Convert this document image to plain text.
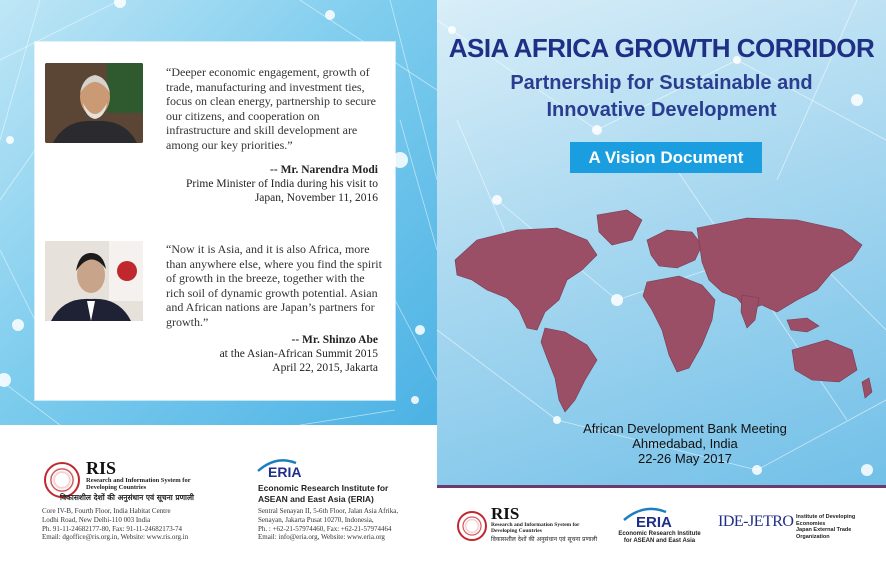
“Deeper economic engagement, growth of trade, manufacturing and investment ties, focus on clean energy, partnership to secure our citizens, and cooperation on infrastructure and skill development are among our key priorities.”
-- Mr. Narendra Modi
Prime Minister of India during his visit to Japan, November 11, 2016
“Now it is Asia, and it is also Africa, more than anywhere else, where you find the spirit of growth in the breeze, together with the rich soil of dynamic growth potential. Asian and African nations are Japan’s partners for growth.”
-- Mr. Shinzo Abe
at the Asian-African Summit 2015
April 22, 2015, Jakarta
ASIA AFRICA GROWTH CORRIDOR
Partnership for Sustainable and
Innovative Development
A Vision Document
African Development Bank Meeting
Ahmedabad, India
22-26 May 2017
RIS
Research and Information System for Developing Countries
विकासशील देशों की अनुसंधान एवं सूचना प्रणाली
Core IV-B, Fourth Floor, India Habitat Centre
Lodhi Road, New Delhi-110 003 India
Ph. 91-11-24682177-80, Fax: 91-11-24682173-74
Email: dgoffice@ris.org.in, Website: www.ris.org.in
ERIA
Economic Research Institute for
ASEAN and East Asia (ERIA)
Sentral Senayan II, 5-6th Floor, Jalan Asia Afrika,
Senayan, Jakarta Pusat 10270, Indonesia,
Ph. : +62-21-57974460, Fax: +62-21-57974464
Email: info@eria.org, Website: www.eria.org
RIS
Research and Information System for Developing Countries
विकासशील देशों की अनुसंधान एवं सूचना प्रणाली
ERIA
Economic Research Institute
for ASEAN and East Asia
IDE-JETRO Institute of Developing Economies
Japan External Trade Organization
